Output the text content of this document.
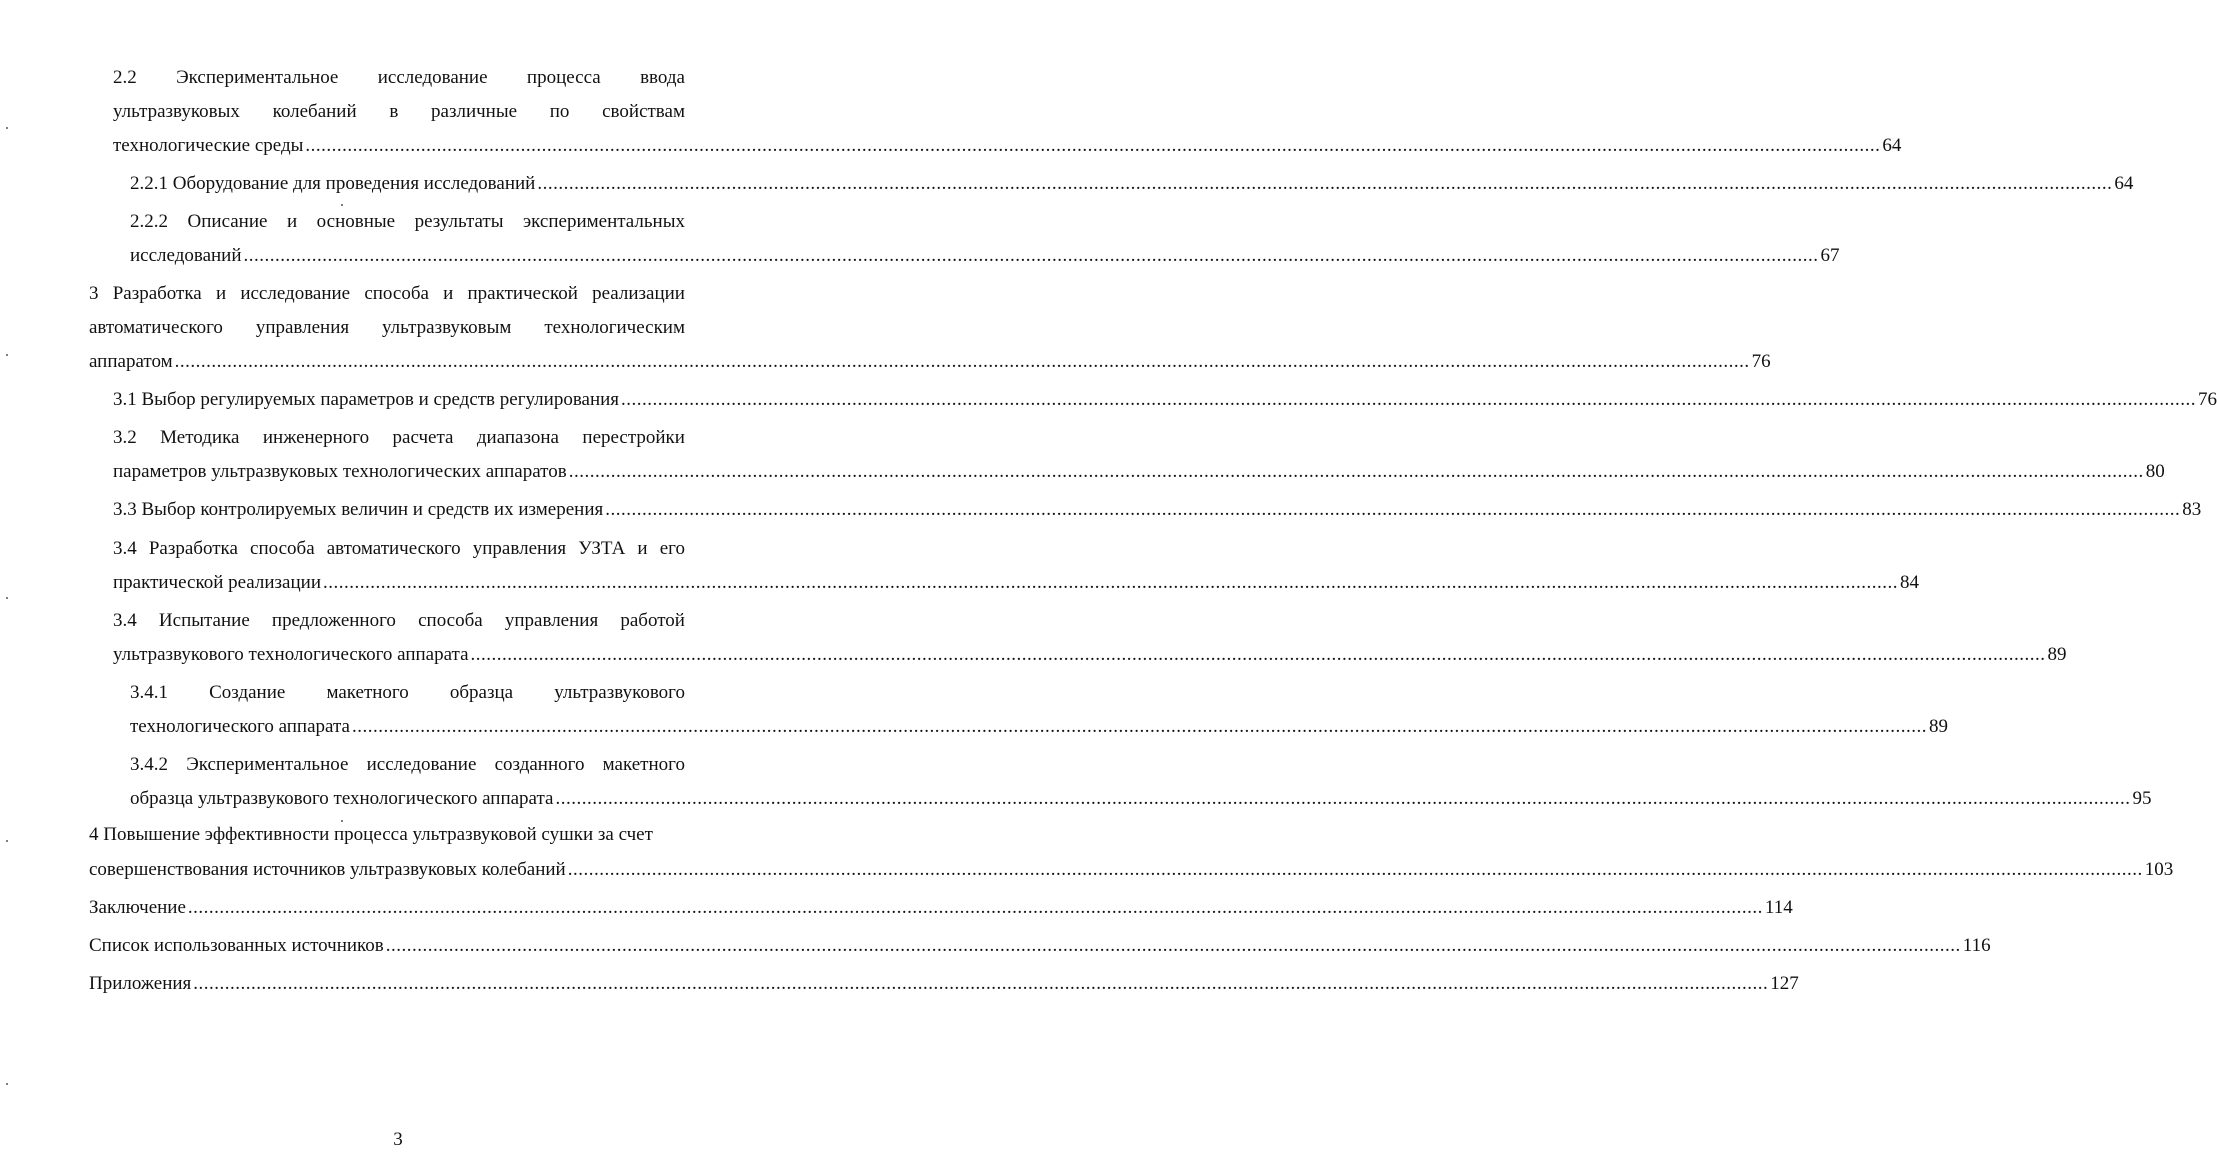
2.2 Экспериментальное исследование процесса ввода
ультразвуковых колебаний в различные по свойствам
технологические среды ............................................................................................................................................................................................................................................................................................................ 64
2.2.1 Оборудование для проведения исследований ............................................................................................................................................................................................................................................................................................................ 64
2.2.2 Описание и основные результаты экспериментальных
исследований ............................................................................................................................................................................................................................................................................................................ 67
3 Разработка и исследование способа и практической реализации
автоматического управления ультразвуковым технологическим
аппаратом ............................................................................................................................................................................................................................................................................................................ 76
3.1 Выбор регулируемых параметров и средств регулирования ............................................................................................................................................................................................................................................................................................................ 76
3.2 Методика инженерного расчета диапазона перестройки
параметров ультразвуковых технологических аппаратов ............................................................................................................................................................................................................................................................................................................ 80
3.3 Выбор контролируемых величин и средств их измерения ............................................................................................................................................................................................................................................................................................................ 83
3.4 Разработка способа автоматического управления УЗТА и его
практической реализации ............................................................................................................................................................................................................................................................................................................ 84
3.4 Испытание предложенного способа управления работой
ультразвукового технологического аппарата ............................................................................................................................................................................................................................................................................................................ 89
3.4.1 Создание макетного образца ультразвукового
технологического аппарата ............................................................................................................................................................................................................................................................................................................ 89
3.4.2 Экспериментальное исследование созданного макетного
образца ультразвукового технологического аппарата ............................................................................................................................................................................................................................................................................................................ 95
4 Повышение эффективности процесса ультразвуковой сушки за счет
совершенствования источников ультразвуковых колебаний ............................................................................................................................................................................................................................................................................................................ 103
Заключение ............................................................................................................................................................................................................................................................................................................ 114
Список использованных источников ............................................................................................................................................................................................................................................................................................................ 116
Приложения ............................................................................................................................................................................................................................................................................................................ 127
3
